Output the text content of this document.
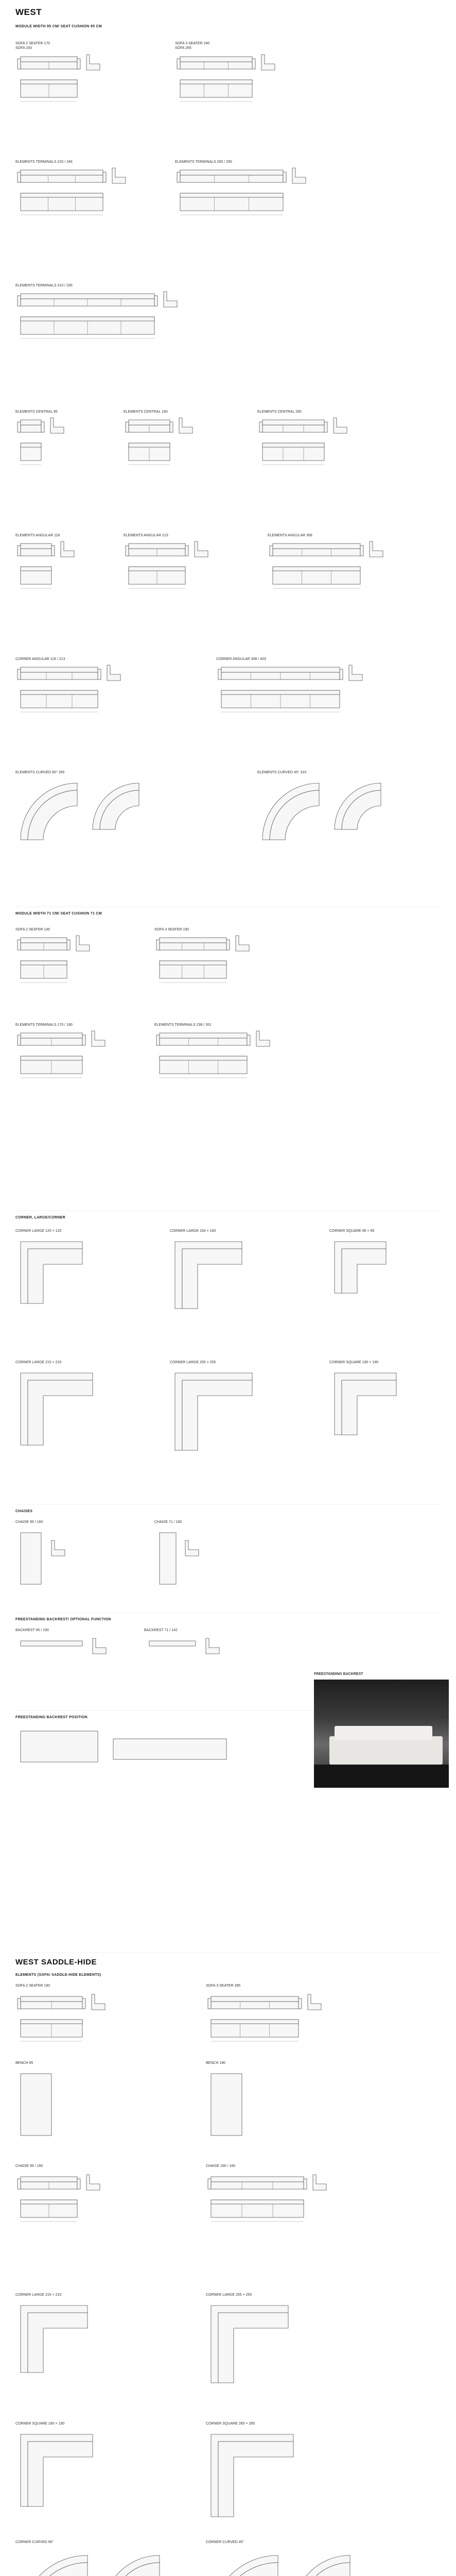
WEST
MODULE WIDTH 95 CM/ SEAT CUSHION 95 CM
SOFA 2 SEATER 170
SOFA 193
SOFA 3 SEATER 240
SOFA 265
ELEMENTS TERMINALS 220 / 246	ELEMENTS TERMINALS 265 / 290
ELEMENTS TERMINALS 310 / 335
ELEMENTS CENTRAL 95	ELEMENTS CENTRAL 190	ELEMENTS CENTRAL 285
ELEMENTS ANGULAR 118	ELEMENTS ANGULAR 213	ELEMENTS ANGULAR 308
CORNER ANGULAR 118 / 213	CORNER ANGULAR 308 / 403
ELEMENTS CURVED 90° 265	ELEMENTS CURVED 45° 310
MODULE WIDTH 71 CM/ SEAT CUSHION 71 CM
SOFA 2 SEATER 145	SOFA 3 SEATER 190
ELEMENTS TERMINALS 170 / 190	ELEMENTS TERMINALS 238 / 261
CORNER, LARGE/CORNER
CORNER LARGE 120 × 120	CORNER LARGE 160 × 160	CORNER SQUARE 95 × 95
CORNER LARGE 215 × 215	CORNER LARGE 255 × 255	CORNER SQUARE 190 × 190
CHAISES
CHAISE 95 / 160	CHAISE 71 / 160
FREESTANDING BACKREST/ OPTIONAL FUNCTION
BACKREST 95 / 190	BACKREST 71 / 142
FREESTANDING BACKREST POSITION
FREESTANDING BACKREST
WEST SADDLE-HIDE
ELEMENTS (SOFA/ SADDLE-HIDE ELEMENTS)
SOFA 2 SEATER 190	SOFA 3 SEATER 285
BENCH 95	BENCH 190
CHAISE 95 / 160	CHAISE 190 / 160
CORNER LARGE 215 × 215	CORNER LARGE 255 × 255
CORNER SQUARE 190 × 190	CORNER SQUARE 285 × 285
CORNER CURVED 90°	CORNER CURVED 45°
